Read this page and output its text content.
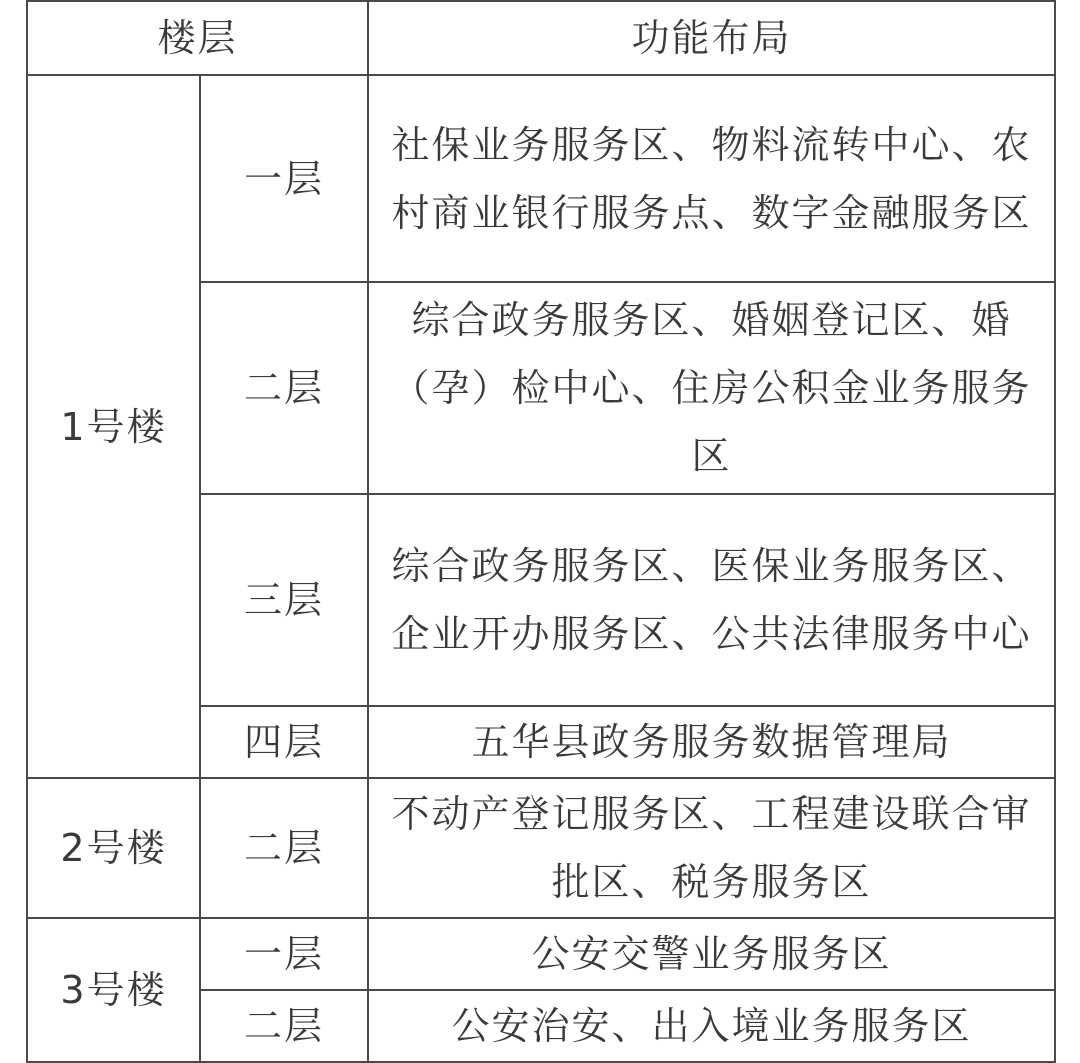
楼层		功能布局
1号楼	一层	社保业务服务区、物料流转中心、农村商业银行服务点、数字金融服务区
	二层	综合政务服务区、婚姻登记区、婚（孕）检中心、住房公积金业务服务区
	三层	综合政务服务区、医保业务服务区、企业开办服务区、公共法律服务中心
	四层	五华县政务服务数据管理局
2号楼	二层	不动产登记服务区、工程建设联合审批区、税务服务区
3号楼	一层	公安交警业务服务区
	二层	公安治安、出入境业务服务区
